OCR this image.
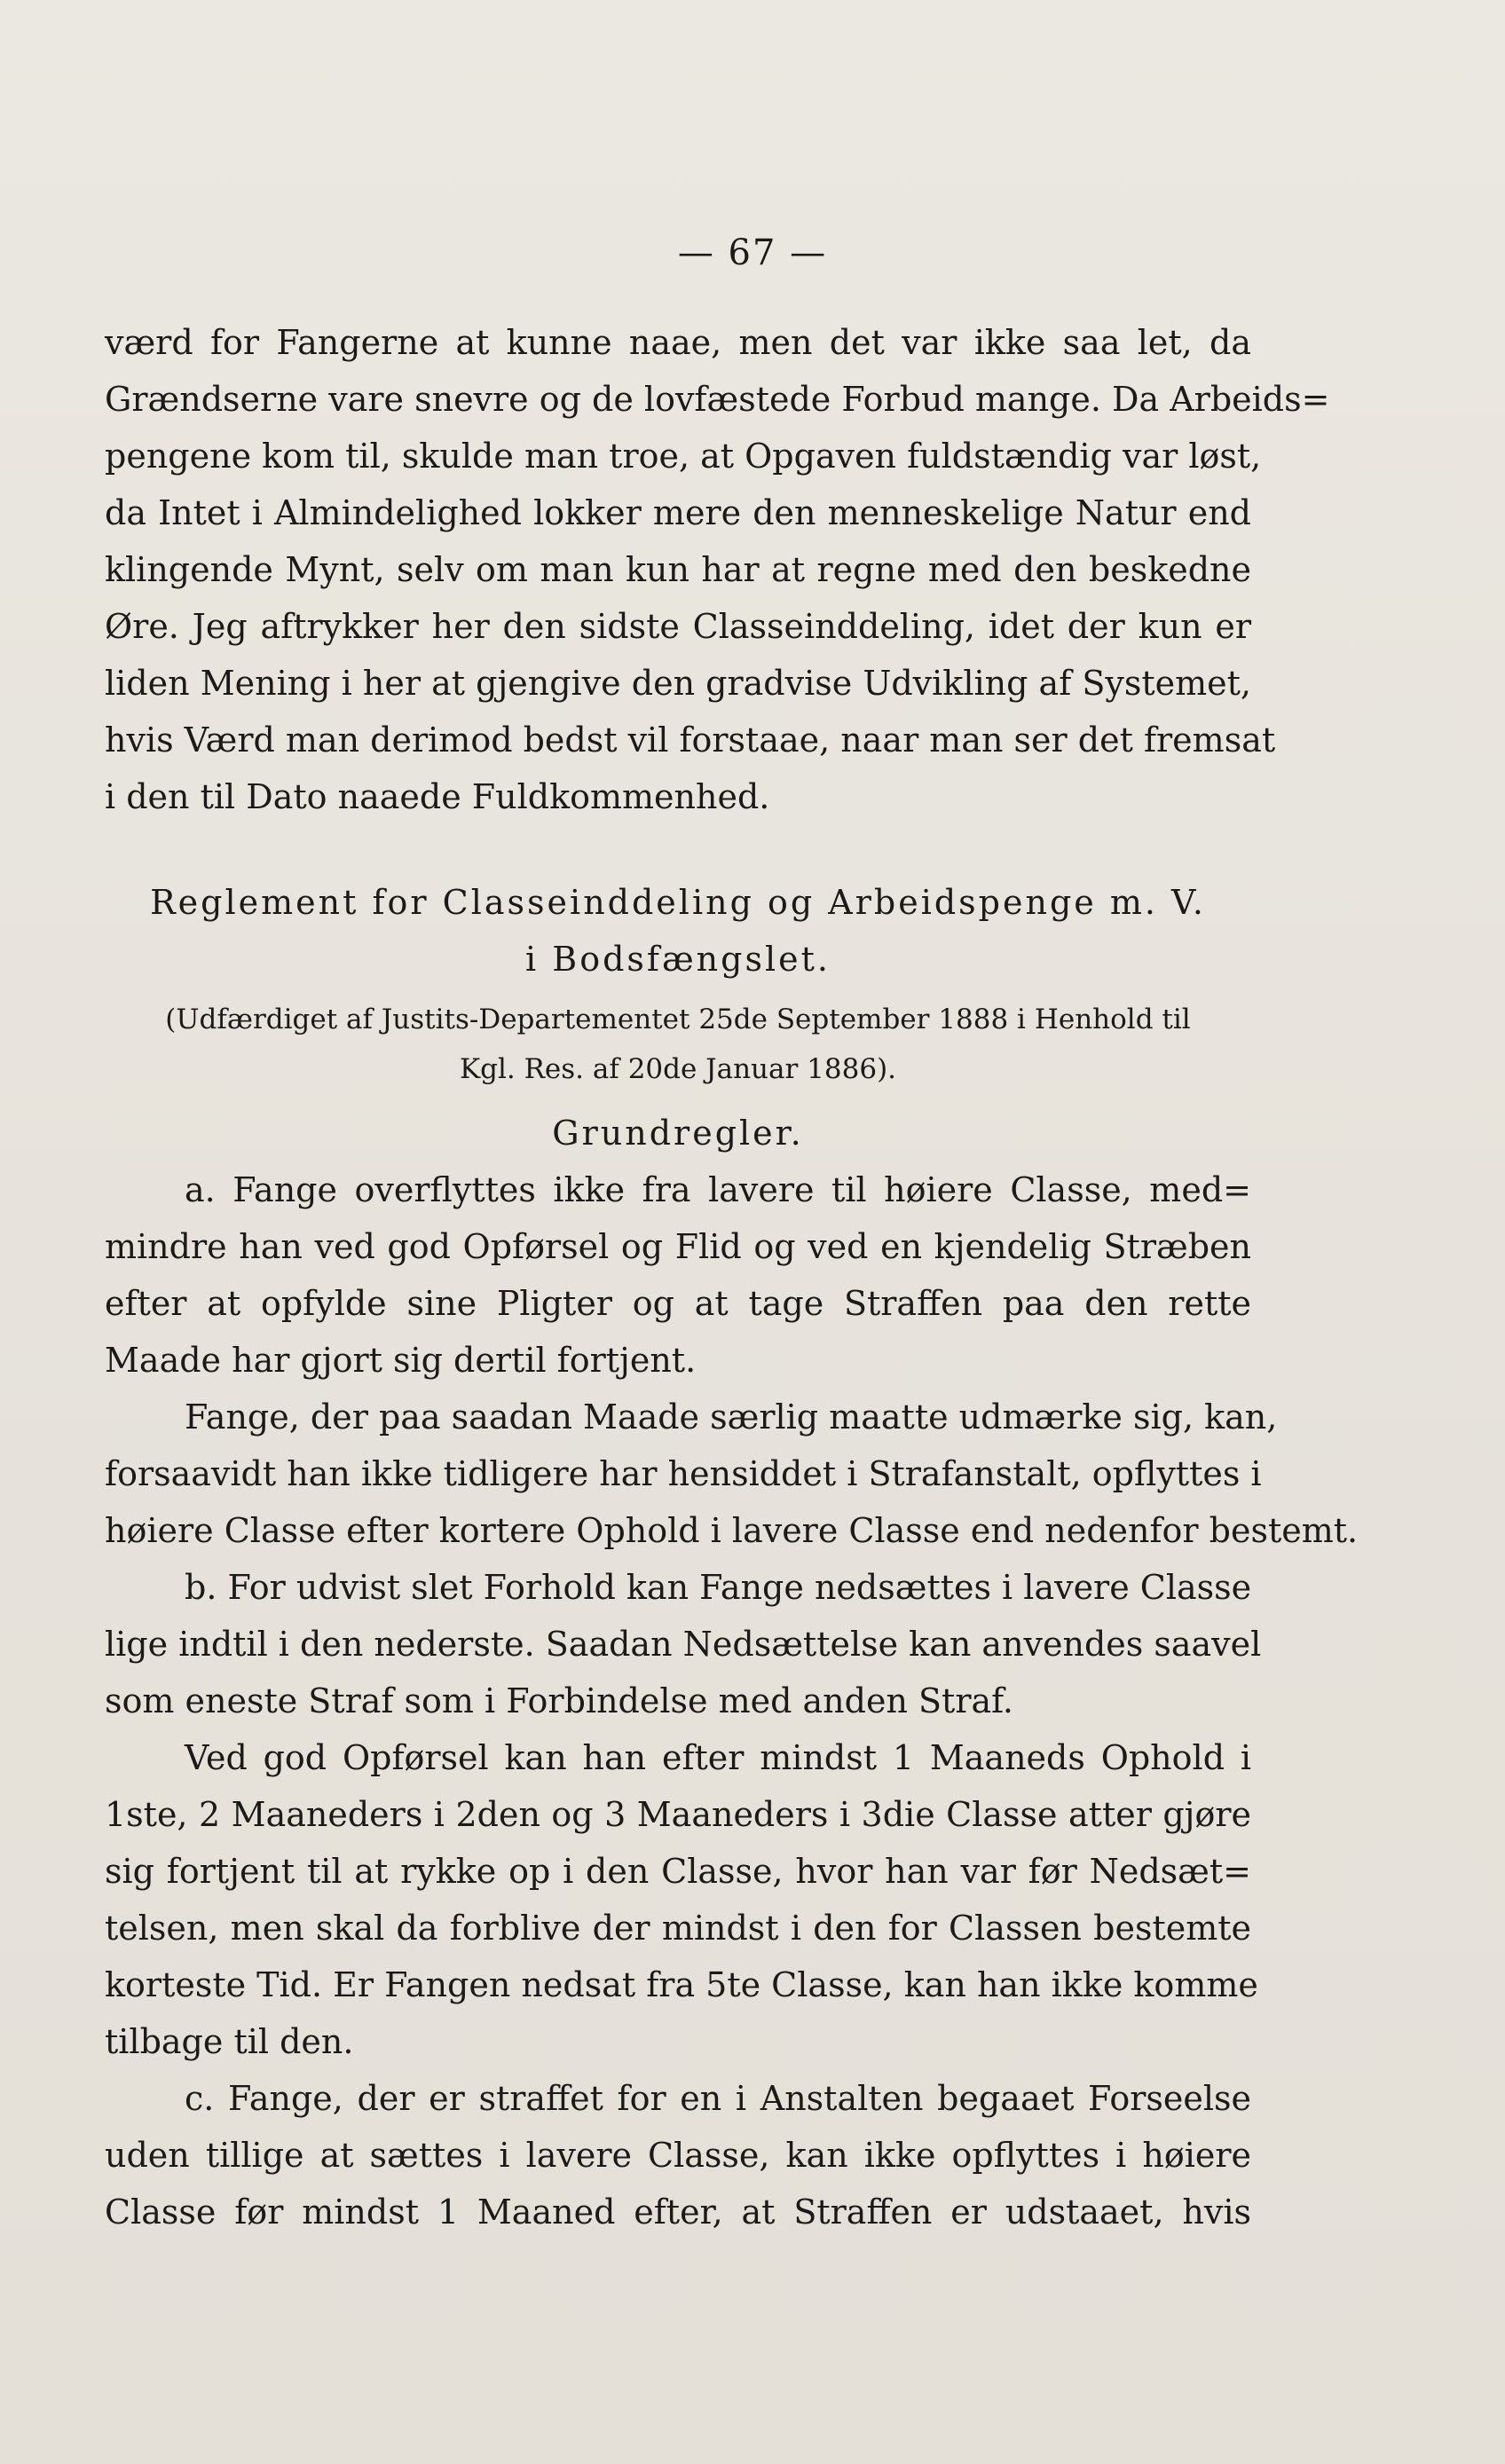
— 67 —
værd for Fangerne at kunne naae, men det var ikke saa let, da
Grændserne vare snevre og de lovfæstede Forbud mange. Da Arbeids=
pengene kom til, skulde man troe, at Opgaven fuldstændig var løst,
da Intet i Almindelighed lokker mere den menneskelige Natur end
klingende Mynt, selv om man kun har at regne med den beskedne
Øre. Jeg aftrykker her den sidste Classeinddeling, idet der kun er
liden Mening i her at gjengive den gradvise Udvikling af Systemet,
hvis Værd man derimod bedst vil forstaae, naar man ser det fremsat
i den til Dato naaede Fuldkommenhed.
Reglement for Classeinddeling og Arbeidspenge m. V.
i Bodsfængslet.
(Udfærdiget af Justits-Departementet 25de September 1888 i Henhold til
Kgl. Res. af 20de Januar 1886).
Grundregler.
a. Fange overflyttes ikke fra lavere til høiere Classe, med=
mindre han ved god Opførsel og Flid og ved en kjendelig Stræben
efter at opfylde sine Pligter og at tage Straffen paa den rette
Maade har gjort sig dertil fortjent.
Fange, der paa saadan Maade særlig maatte udmærke sig, kan,
forsaavidt han ikke tidligere har hensiddet i Strafanstalt, opflyttes i
høiere Classe efter kortere Ophold i lavere Classe end nedenfor bestemt.
b. For udvist slet Forhold kan Fange nedsættes i lavere Classe
lige indtil i den nederste. Saadan Nedsættelse kan anvendes saavel
som eneste Straf som i Forbindelse med anden Straf.
Ved god Opførsel kan han efter mindst 1 Maaneds Ophold i
1ste, 2 Maaneders i 2den og 3 Maaneders i 3die Classe atter gjøre
sig fortjent til at rykke op i den Classe, hvor han var før Nedsæt=
telsen, men skal da forblive der mindst i den for Classen bestemte
korteste Tid. Er Fangen nedsat fra 5te Classe, kan han ikke komme
tilbage til den.
c. Fange, der er straffet for en i Anstalten begaaet Forseelse
uden tillige at sættes i lavere Classe, kan ikke opflyttes i høiere
Classe før mindst 1 Maaned efter, at Straffen er udstaaet, hvis
